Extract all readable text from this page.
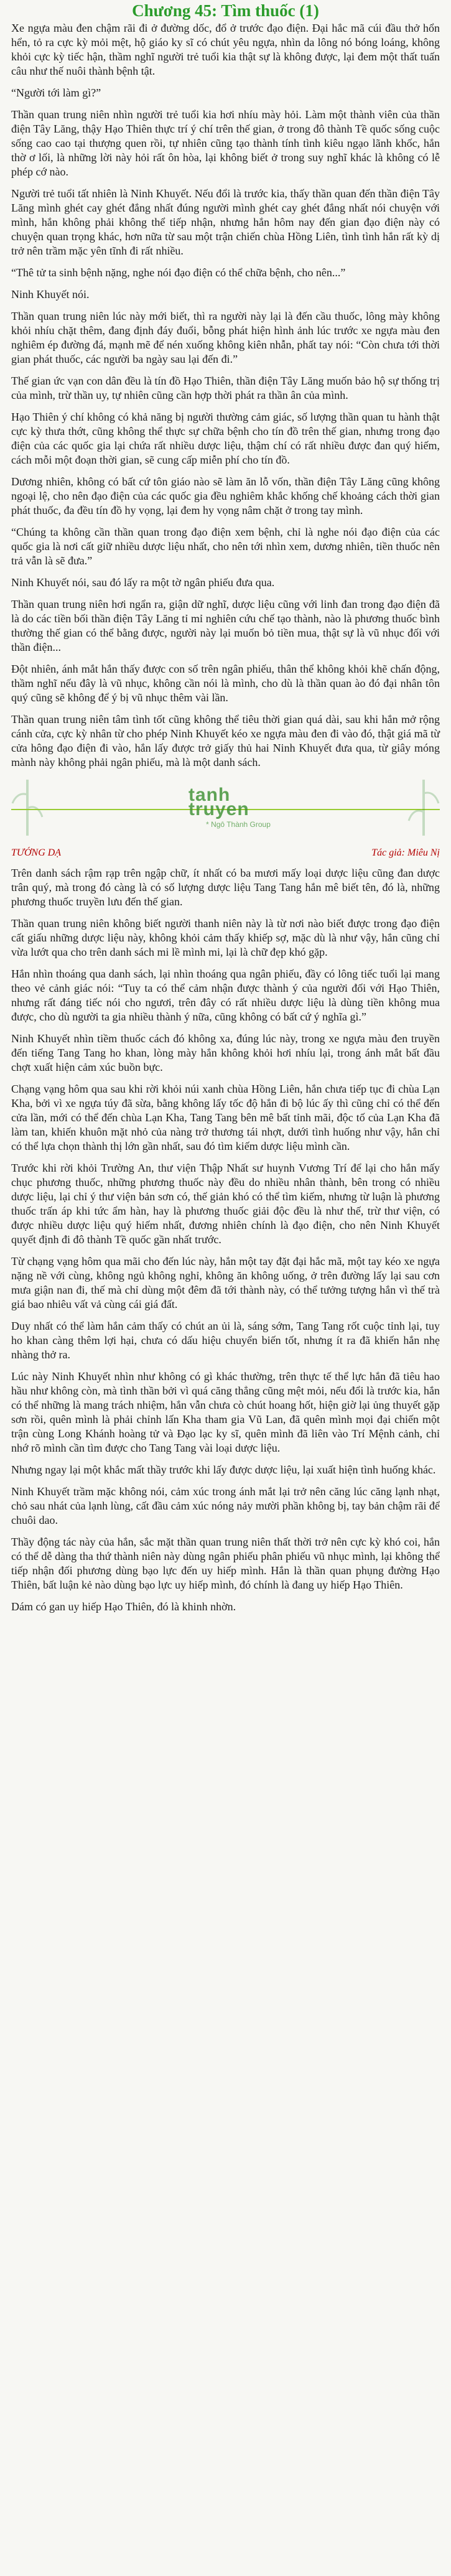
Chương 45: Tìm thuốc (1)

Xe ngựa màu đen chậm rãi đi ở đường dốc, đổ ở trước đạo điện. Đại hắc mã cúi đầu thở hổn hển, tỏ ra cực kỳ mỏi mệt, hộ giáo ky sĩ có chút yêu ngựa, nhìn da lông nó bóng loáng, không khỏi cực kỳ tiếc hận, thầm nghĩ người trẻ tuổi kia thật sự là không được, lại đem một thất tuấn câu như thế nuôi thành bệnh tật.

“Người tới làm gì?”

Thần quan trung niên nhìn người trẻ tuổi kia hơi nhíu mày hỏi. Làm một thành viên của thần điện Tây Lăng, thậy Hạo Thiên thực trí ý chí trên thế gian, ở trong đô thành Tề quốc sống cuộc sống cao cao tại thượng quen rồi, tự nhiên cũng tạo thành tính tình kiêu ngạo lãnh khốc, hắn thờ ơ lối, là những lời này hỏi rất ôn hòa, lại không biết ở trong suy nghĩ khác là không có lễ phép cớ nào.

Người trẻ tuổi tất nhiên là Ninh Khuyết. Nếu đổi là trước kia, thấy thần quan đến thần điện Tây Lăng mình ghét cay ghét đắng nhất đúng người mình ghét cay ghét đắng nhất nói chuyện với mình, hắn không phải không thể tiếp nhận, nhưng hắn hôm nay đến gian đạo điện này có chuyện quan trọng khác, hơn nữa từ sau một trận chiến chùa Hồng Liên, tình tình hắn rất kỳ dị trở nên trầm mặc yên tĩnh đi rất nhiều.

“Thê tử ta sinh bệnh nặng, nghe nói đạo điện có thể chữa bệnh, cho nên...”

Ninh Khuyết nói.

Thần quan trung niên lúc này mới biết, thì ra người này lại là đến cầu thuốc, lông mày không khỏi nhíu chặt thêm, đang định đáy đuổi, bỗng phát hiện hình ảnh lúc trước xe ngựa màu đen nghiêm ép đường đá, mạnh mẽ để nén xuống không kiên nhẫn, phất tay nói: “Còn chưa tới thời gian phát thuốc, các người ba ngày sau lại đến đi.”

Thế gian ức vạn con dân đều là tín đồ Hạo Thiên, thần điện Tây Lăng muốn bảo hộ sự thống trị của mình, trừ thần uy, tự nhiên cũng cần hợp thời phát ra thần ân của mình.

Hạo Thiên ý chí không có khả năng bị người thường cảm giác, số lượng thần quan tu hành thật cực kỳ thưa thớt, cũng không thể thực sự chữa bệnh cho tín đồ trên thế gian, nhưng trong đạo điện của các quốc gia lại chứa rất nhiều dược liệu, thậm chí có rất nhiều được đan quý hiếm, cách mỗi một đoạn thời gian, sẽ cung cấp miễn phí cho tín đồ.

Dương nhiên, không có bất cứ tôn giáo nào sẽ làm ăn lỗ vốn, thần điện Tây Lăng cũng không ngoại lệ, cho nên đạo điện của các quốc gia đều nghiêm khắc khống chế khoảng cách thời gian phát thuốc, đa đều tín đồ hy vọng, lại đem hy vọng nâm chặt ở trong tay mình.

“Chúng ta không cần thần quan trong đạo điện xem bệnh, chỉ là nghe nói đạo điện của các quốc gia là nơi cất giữ nhiều dược liệu nhất, cho nên tới nhìn xem, dương nhiên, tiền thuốc nên trả vẫn là sẽ đưa.”

Ninh Khuyết nói, sau đó lấy ra một tờ ngân phiếu đưa qua.

Thần quan trung niên hơi ngẩn ra, giận dữ nghĩ, dược liệu cũng với linh đan trong đạo điện đã là do các tiền bối thần điện Tây Lăng tỉ mỉ nghiên cứu chế tạo thành, nào là phương thuốc bình thường thế gian có thể bằng được, người này lại muốn bỏ tiền mua, thật sự là vũ nhục đối với thần điện...

Đột nhiên, ánh mắt hắn thấy được con số trên ngân phiếu, thân thể không khỏi khẽ chấn động, thầm nghĩ nếu đây là vũ nhục, không cần nói là mình, cho dù là thần quan ào đó đại nhân tôn quý cũng sẽ không để ý bị vũ nhục thêm vài lần.

Thần quan trung niên tâm tình tốt cũng không thể tiêu thời gian quá dài, sau khi hắn mở rộng cánh cửa, cực kỳ nhân từ cho phép Ninh Khuyết kéo xe ngựa màu đen đi vào đó, thật giá mã từ cửa hông đạo điện đi vào, hắn lấy được trở giấy thủ hai Ninh Khuyết đưa qua, từ giây móng mành này không phải ngân phiếu, mà là một danh sách.

tanh truyen
* Ngô Thành Group
TƯỚNG DẠ	Tác giả: Miêu Nị

Trên danh sách rậm rạp trên ngập chữ, ít nhất có ba mươi mấy loại dược liệu cũng đan dược trân quý, mà trong đó càng là có số lượng dược liệu Tang Tang hắn mê biết tên, đó là, những phương thuốc truyền lưu đến thế gian.

Thần quan trung niên không biết người thanh niên này là từ nơi nào biết được trong đạo điện cất giấu những dược liệu này, không khỏi cảm thấy khiếp sợ, mặc dù là như vậy, hắn cũng chỉ vừa lướt qua cho trên danh sách mi lề mình mi, lại là chữ đẹp khó gặp.

Hắn nhìn thoáng qua danh sách, lại nhìn thoáng qua ngân phiếu, đầy có lông tiếc tuổi lại mang theo vẻ cảnh giác nói: “Tuy ta có thể cảm nhận được thành ý của người đối với Hạo Thiên, nhưng rất đáng tiếc nói cho ngươi, trên đây có rất nhiều dược liệu là dùng tiền không mua được, cho dù người ta gia nhiều thành ý nữa, cũng không có bất cứ ý nghĩa gì.”

Ninh Khuyết nhìn tiềm thuốc cách đó không xa, đúng lúc này, trong xe ngựa màu đen truyền đến tiếng Tang Tang ho khan, lòng mày hắn không khỏi hơi nhíu lại, trong ánh mắt bất đầu chợt xuất hiện cảm xúc buồn bực.

Chạng vạng hôm qua sau khi rời khỏi núi xanh chùa Hồng Liên, hắn chưa tiếp tục đi chùa Lạn Kha, bởi vì xe ngựa túy đã sừa, bằng không lấy tốc độ hắn đi bộ lúc ấy thì cũng chỉ có thể đến cửa lần, mới có thể đến chùa Lạn Kha, Tang Tang bên mê bất tỉnh mãi, độc tố của Lạn Kha đã làm tan, khiến khuôn mặt nhỏ của nàng trở thương tái nhợt, dưới tình huống như vậy, hắn chỉ có thể lựa chọn thành thị lớn gần nhất, sau đó tìm kiếm dược liệu mình cần.

Trước khi rời khỏi Trường An, thư viện Thập Nhất sư huynh Vương Trí để lại cho hắn mấy chục phương thuốc, những phương thuốc này đều do nhiều nhân thành, bên trong có nhiều dược liệu, lại chỉ ý thư viện bản sơn có, thế giản khó có thể tìm kiếm, nhưng từ luận là phương thuốc trấn áp khi tức ẩm hàn, hay là phương thuốc giải độc đều là như thế, trừ thư viện, có được nhiều dược liệu quý hiếm nhất, đương nhiên chính là đạo điện, cho nên Ninh Khuyết quyết định đi đô thành Tề quốc gần nhất trước.

Từ chạng vạng hôm qua mãi cho đến lúc này, hắn một tay đặt đại hắc mã, một tay kéo xe ngựa nặng nề với cùng, không ngủ không nghỉ, không ăn không uống, ở trên đường lấy lại sau cơn mưa giận nan đi, thế mà chỉ dùng một đêm đã tới thành này, có thể tưởng tượng hắn vì thế trà giá bao nhiêu vất vả cùng cái giá đất.

Duy nhất có thể làm hắn cảm thấy có chút an ủi là, sáng sớm, Tang Tang rốt cuộc tỉnh lại, tuy ho khan càng thêm lợi hại, chưa có dấu hiệu chuyển biến tốt, nhưng ít ra đã khiến hắn nhẹ nhàng thở ra.

Lúc này Ninh Khuyết nhìn như không có gì khác thường, trên thực tế thể lực hắn đã tiêu hao hầu như không còn, mà tình thần bởi vì quá căng thẳng cũng mệt mỏi, nếu đổi là trước kia, hắn có thể những là mang trách nhiệm, hắn vẫn chưa cò chút hoang hốt, hiện giờ lại ủng thuyết gặp sơn rồi, quên mình là phải chỉnh lấn Kha tham gia Vũ Lan, đã quên mình mọi đại chiến một trận cùng Long Khánh hoàng tử và Đạo lạc ky sĩ, quên mình đã liên vào Trí Mệnh cảnh, chỉ nhớ rõ mình cần tìm được cho Tang Tang vài loại dược liệu.

Nhưng ngay lại một khắc mất thầy trước khi lấy được dược liệu, lại xuất hiện tình huống khác.

Ninh Khuyết trầm mặc không nói, cảm xúc trong ánh mắt lại trở nên căng lúc căng lạnh nhạt, chỏ sau nhát của lạnh lùng, cất đầu cảm xúc nóng nảy mười phần không bị, tay bản chậm rãi để chuôi dao.

Thầy động tác này của hắn, sắc mặt thần quan trung niên thất thời trở nên cực kỳ khó coi, hắn có thể dễ dàng tha thứ thành niên này dùng ngân phiếu phân phiếu vũ nhục mình, lại không thể tiếp nhận đối phương dùng bạo lực đến uy hiếp mình. Hắn là thần quan phụng đường Hạo Thiên, bất luận kẻ nào dùng bạo lực uy hiếp mình, đó chính là đang uy hiếp Hạo Thiên.

Dám có gan uy hiếp Hạo Thiên, đó là khinh nhờn.
